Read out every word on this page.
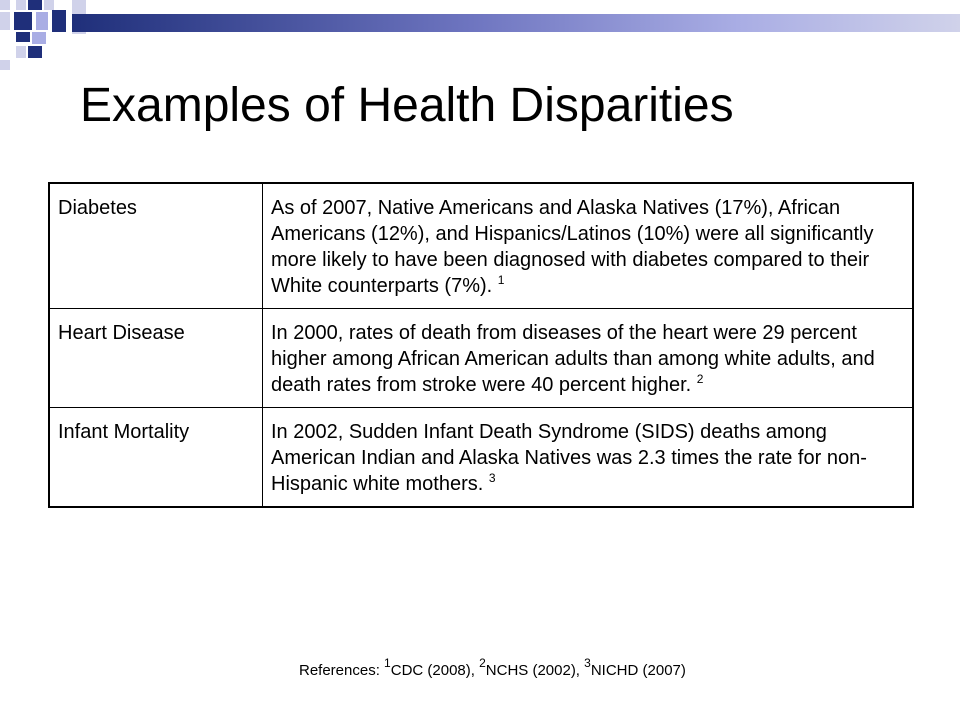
Examples of Health Disparities
Diabetes	As of 2007, Native Americans and Alaska Natives (17%), African Americans (12%), and Hispanics/Latinos (10%) were all significantly more likely to have been diagnosed with diabetes compared to their White counterparts (7%). $^1$
Heart Disease	In 2000, rates of death from diseases of the heart were 29 percent higher among African American adults than among white adults, and death rates from stroke were 40 percent higher. $^2$
Infant Mortality	In 2002, Sudden Infant Death Syndrome (SIDS) deaths among American Indian and Alaska Natives was 2.3 times the rate for non-Hispanic white mothers. $^3$
References: $^1$CDC (2008), $^2$NCHS (2002), $^3$NICHD (2007)
